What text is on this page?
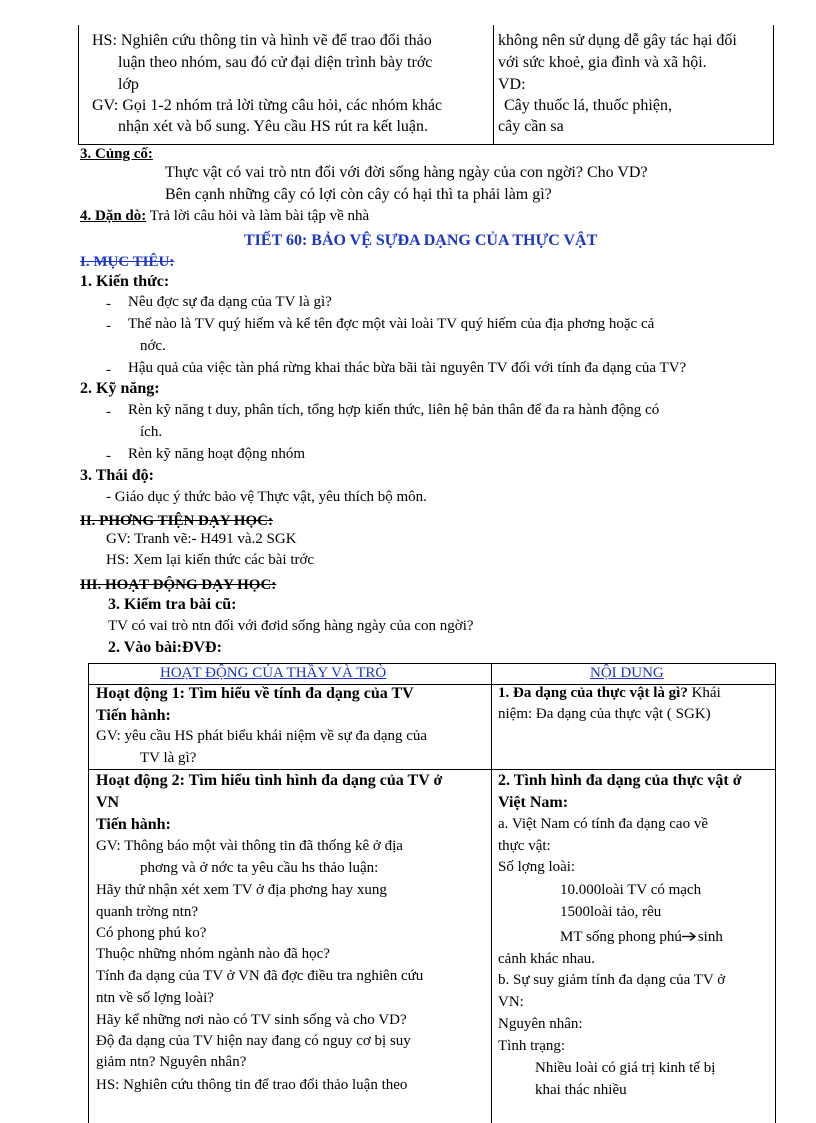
HS: Nghiên cứu thông tin và hình vẽ để trao đổi thảo
luận theo nhóm, sau đó cử đại diện trình bày trớc
lớp
GV: Gọi 1-2 nhóm trả lời từng câu hỏi, các nhóm khác
nhận xét và bổ sung. Yêu cầu HS rút ra kết luận.
không nên sử dụng dễ gây tác hại đối
với sức khoẻ, gia đình và xã hội.
VD:
Cây thuốc lá, thuốc phiện,
cây cần sa
3. Củng cố:
Thực vật có vai trò ntn đối với đời sống hàng ngày của con ngời? Cho VD?
Bên cạnh những cây có lợi còn cây có hại thì ta phải làm gì?
4. Dặn dò: Trả lời câu hỏi và làm bài tập về nhà
TIẾT 60: BẢO VỆ SỰĐA DẠNG CỦA THỰC VẬT
I. MỤC TIÊU:
1. Kiến thức:
- Nêu đợc sự đa dạng của TV là gì?
- Thế nào là TV quý hiếm và kể tên đợc một vài loài TV quý hiếm của địa phơng hoặc cả
nớc.
- Hậu quả của việc tàn phá rừng khai thác bừa bãi tài nguyên TV đối với tính đa dạng của TV?
2. Kỹ năng:
- Rèn kỹ năng t duy, phân tích, tổng hợp kiến thức, liên hệ bản thân để đa ra hành động có
ích.
- Rèn kỹ năng hoạt động nhóm
3. Thái độ:
- Giáo dục ý thức bảo vệ Thực vật, yêu thích bộ môn.
II. PHƠNG TIỆN DẠY HỌC:
GV: Tranh vẽ:- H491 và.2 SGK
HS: Xem lại kiến thức các bài trớc
III. HOẠT ĐỘNG DẠY HỌC:
3. Kiểm tra bài cũ:
TV có vai trò ntn đối với đơid sống hàng ngày của con ngời?
2. Vào bài:ĐVĐ:
HOẠT ĐỘNG CỦA THẦY VÀ TRÒ	NỘI DUNG
Hoạt động 1: Tìm hiểu về tính đa dạng của TV
Tiến hành:
GV: yêu cầu HS phát biểu khái niệm về sự đa dạng của
TV là gì?
1. Đa dạng của thực vật là gì? Khái
niệm: Đa dạng của thực vật ( SGK)
Hoạt động 2: Tìm hiểu tình hình đa dạng của TV ở
VN
Tiến hành:
GV: Thông báo một vài thông tin đã thống kê ở địa
phơng và ở nớc ta yêu cầu hs thảo luận:
Hãy thử nhận xét xem TV ở địa phơng hay xung
quanh trờng ntn?
Có phong phú ko?
Thuộc những nhóm ngành nào đã học?
Tính đa dạng của TV ở VN đã đợc điều tra nghiên cứu
ntn về số lợng loài?
Hãy kể những nơi nào có TV sinh sống và cho VD?
Độ đa dạng của TV hiện nay đang có nguy cơ bị suy
giảm ntn? Nguyên nhân?
HS: Nghiên cứu thông tin để trao đổi thảo luận theo
2. Tình hình đa dạng của thực vật ở
Việt Nam:
a. Việt Nam có tính đa dạng cao về
thực vật:
Số lợng loài:
10.000loài TV có mạch
1500loài tảo, rêu
MT sống phong phú sinh
cảnh khác nhau.
b. Sự suy giảm tính đa dạng của TV ở
VN:
Nguyên nhân:
Tình trạng:
Nhiều loài có giá trị kinh tế bị
khai thác nhiều
